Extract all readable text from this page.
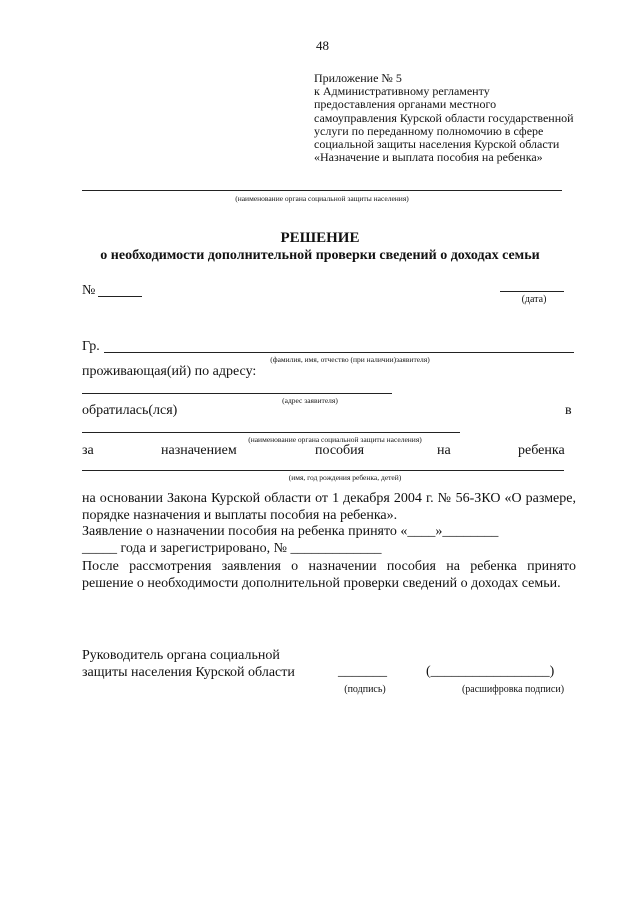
48
Приложение № 5
к Административному регламенту
предоставления органами местного
самоуправления Курской области государственной
услуги по переданному полномочию в сфере
социальной защиты населения Курской области
«Назначение и выплата пособия на ребенка»
(наименование органа социальной защиты населения)
РЕШЕНИЕ
о необходимости дополнительной проверки сведений о доходах семьи
№
(дата)
Гр.
(фамилия, имя, отчество (при наличии)заявителя)
проживающая(ий) по адресу:
(адрес заявителя)
обратилась(лся)	в
(наименование органа социальной защиты населения)
за	назначением	пособия	на	ребенка
(имя, год рождения ребенка, детей)
на основании Закона Курской области от 1 декабря 2004 г. № 56-ЗКО «О размере, порядке назначения и выплаты пособия на ребенка».
Заявление о назначении пособия на ребенка принято «____»________
_____ года и зарегистрировано, № _____________
После рассмотрения заявления о назначении пособия на ребенка принято решение о необходимости дополнительной проверки сведений о доходах семьи.
Руководитель органа социальной
защиты населения Курской области	_______	(_________________)
(подпись)	(расшифровка подписи)
